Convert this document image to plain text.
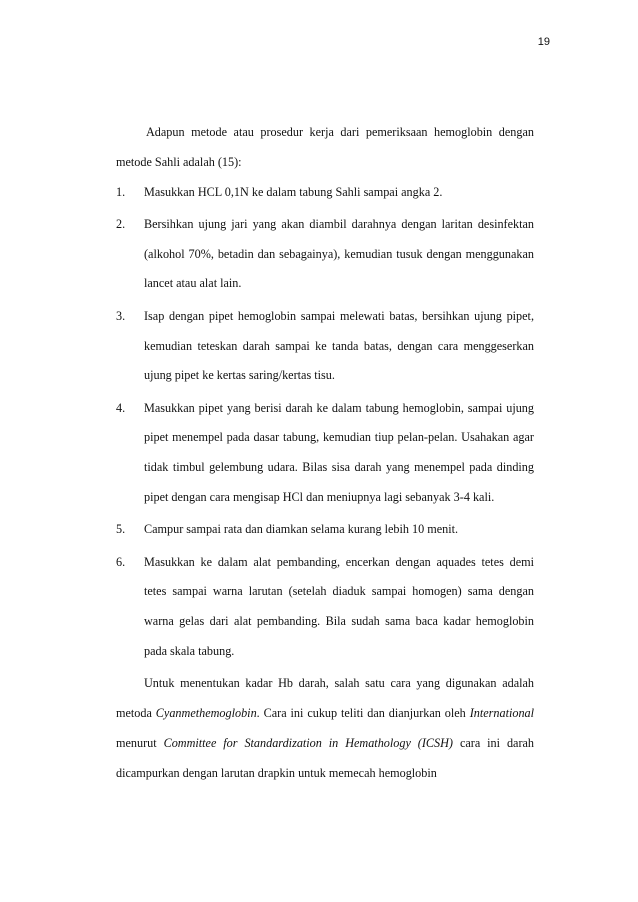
19

Adapun metode atau prosedur kerja dari pemeriksaan hemoglobin dengan metode Sahli adalah (15):

1. Masukkan HCL 0,1N ke dalam tabung Sahli sampai angka 2.
2. Bersihkan ujung jari yang akan diambil darahnya dengan laritan desinfektan (alkohol 70%, betadin dan sebagainya), kemudian tusuk dengan menggunakan lancet atau alat lain.
3. Isap dengan pipet hemoglobin sampai melewati batas, bersihkan ujung pipet, kemudian teteskan darah sampai ke tanda batas, dengan cara menggeserkan ujung pipet ke kertas saring/kertas tisu.
4. Masukkan pipet yang berisi darah ke dalam tabung hemoglobin, sampai ujung pipet menempel pada dasar tabung, kemudian tiup pelan-pelan. Usahakan agar tidak timbul gelembung udara. Bilas sisa darah yang menempel pada dinding pipet dengan cara mengisap HCl dan meniupnya lagi sebanyak 3-4 kali.
5. Campur sampai rata dan diamkan selama kurang lebih 10 menit.
6. Masukkan ke dalam alat pembanding, encerkan dengan aquades tetes demi tetes sampai warna larutan (setelah diaduk sampai homogen) sama dengan warna gelas dari alat pembanding. Bila sudah sama baca kadar hemoglobin pada skala tabung.

Untuk menentukan kadar Hb darah, salah satu cara yang digunakan adalah metoda Cyanmethemoglobin. Cara ini cukup teliti dan dianjurkan oleh International menurut Committee for Standardization in Hemathology (ICSH) cara ini darah dicampurkan dengan larutan drapkin untuk memecah hemoglobin
